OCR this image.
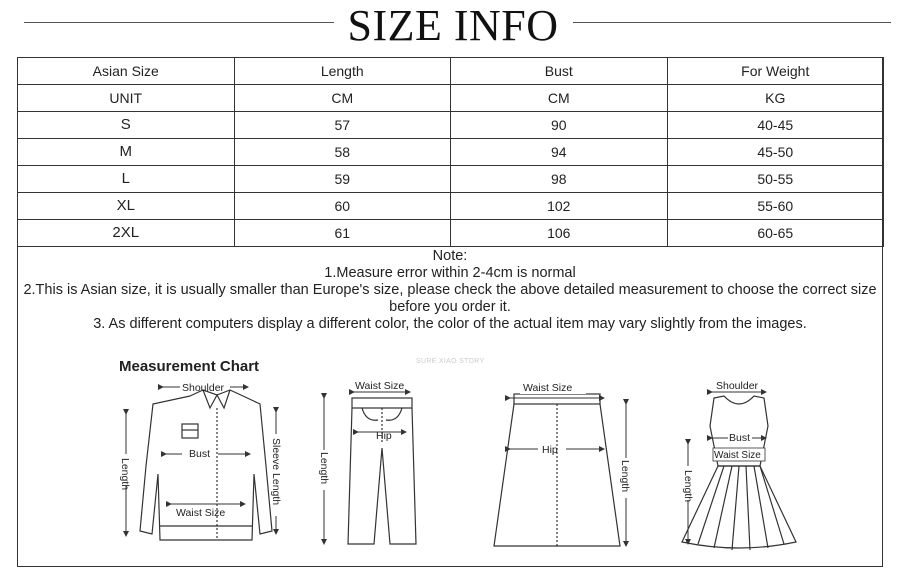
SIZE INFO
Asian Size	Length	Bust	For Weight
UNIT	CM	CM	KG
S	57	90	40-45
M	58	94	45-50
L	59	98	50-55
XL	60	102	55-60
2XL	61	106	60-65
Note:
1.Measure error within 2-4cm is normal
2.This is Asian size, it is usually smaller than Europe's size, please check the above detailed measurement to choose the correct size before you order it.
3. As different computers display a different color, the color of the actual item may vary slightly from the images.
Measurement Chart	SURE XIAO STORY
Shoulder
Bust
Waist Size
Length	Sleeve Length
Waist Size
Hip
Length
Waist Size
Hip
Length
Shoulder
Bust
Waist Size
Length
